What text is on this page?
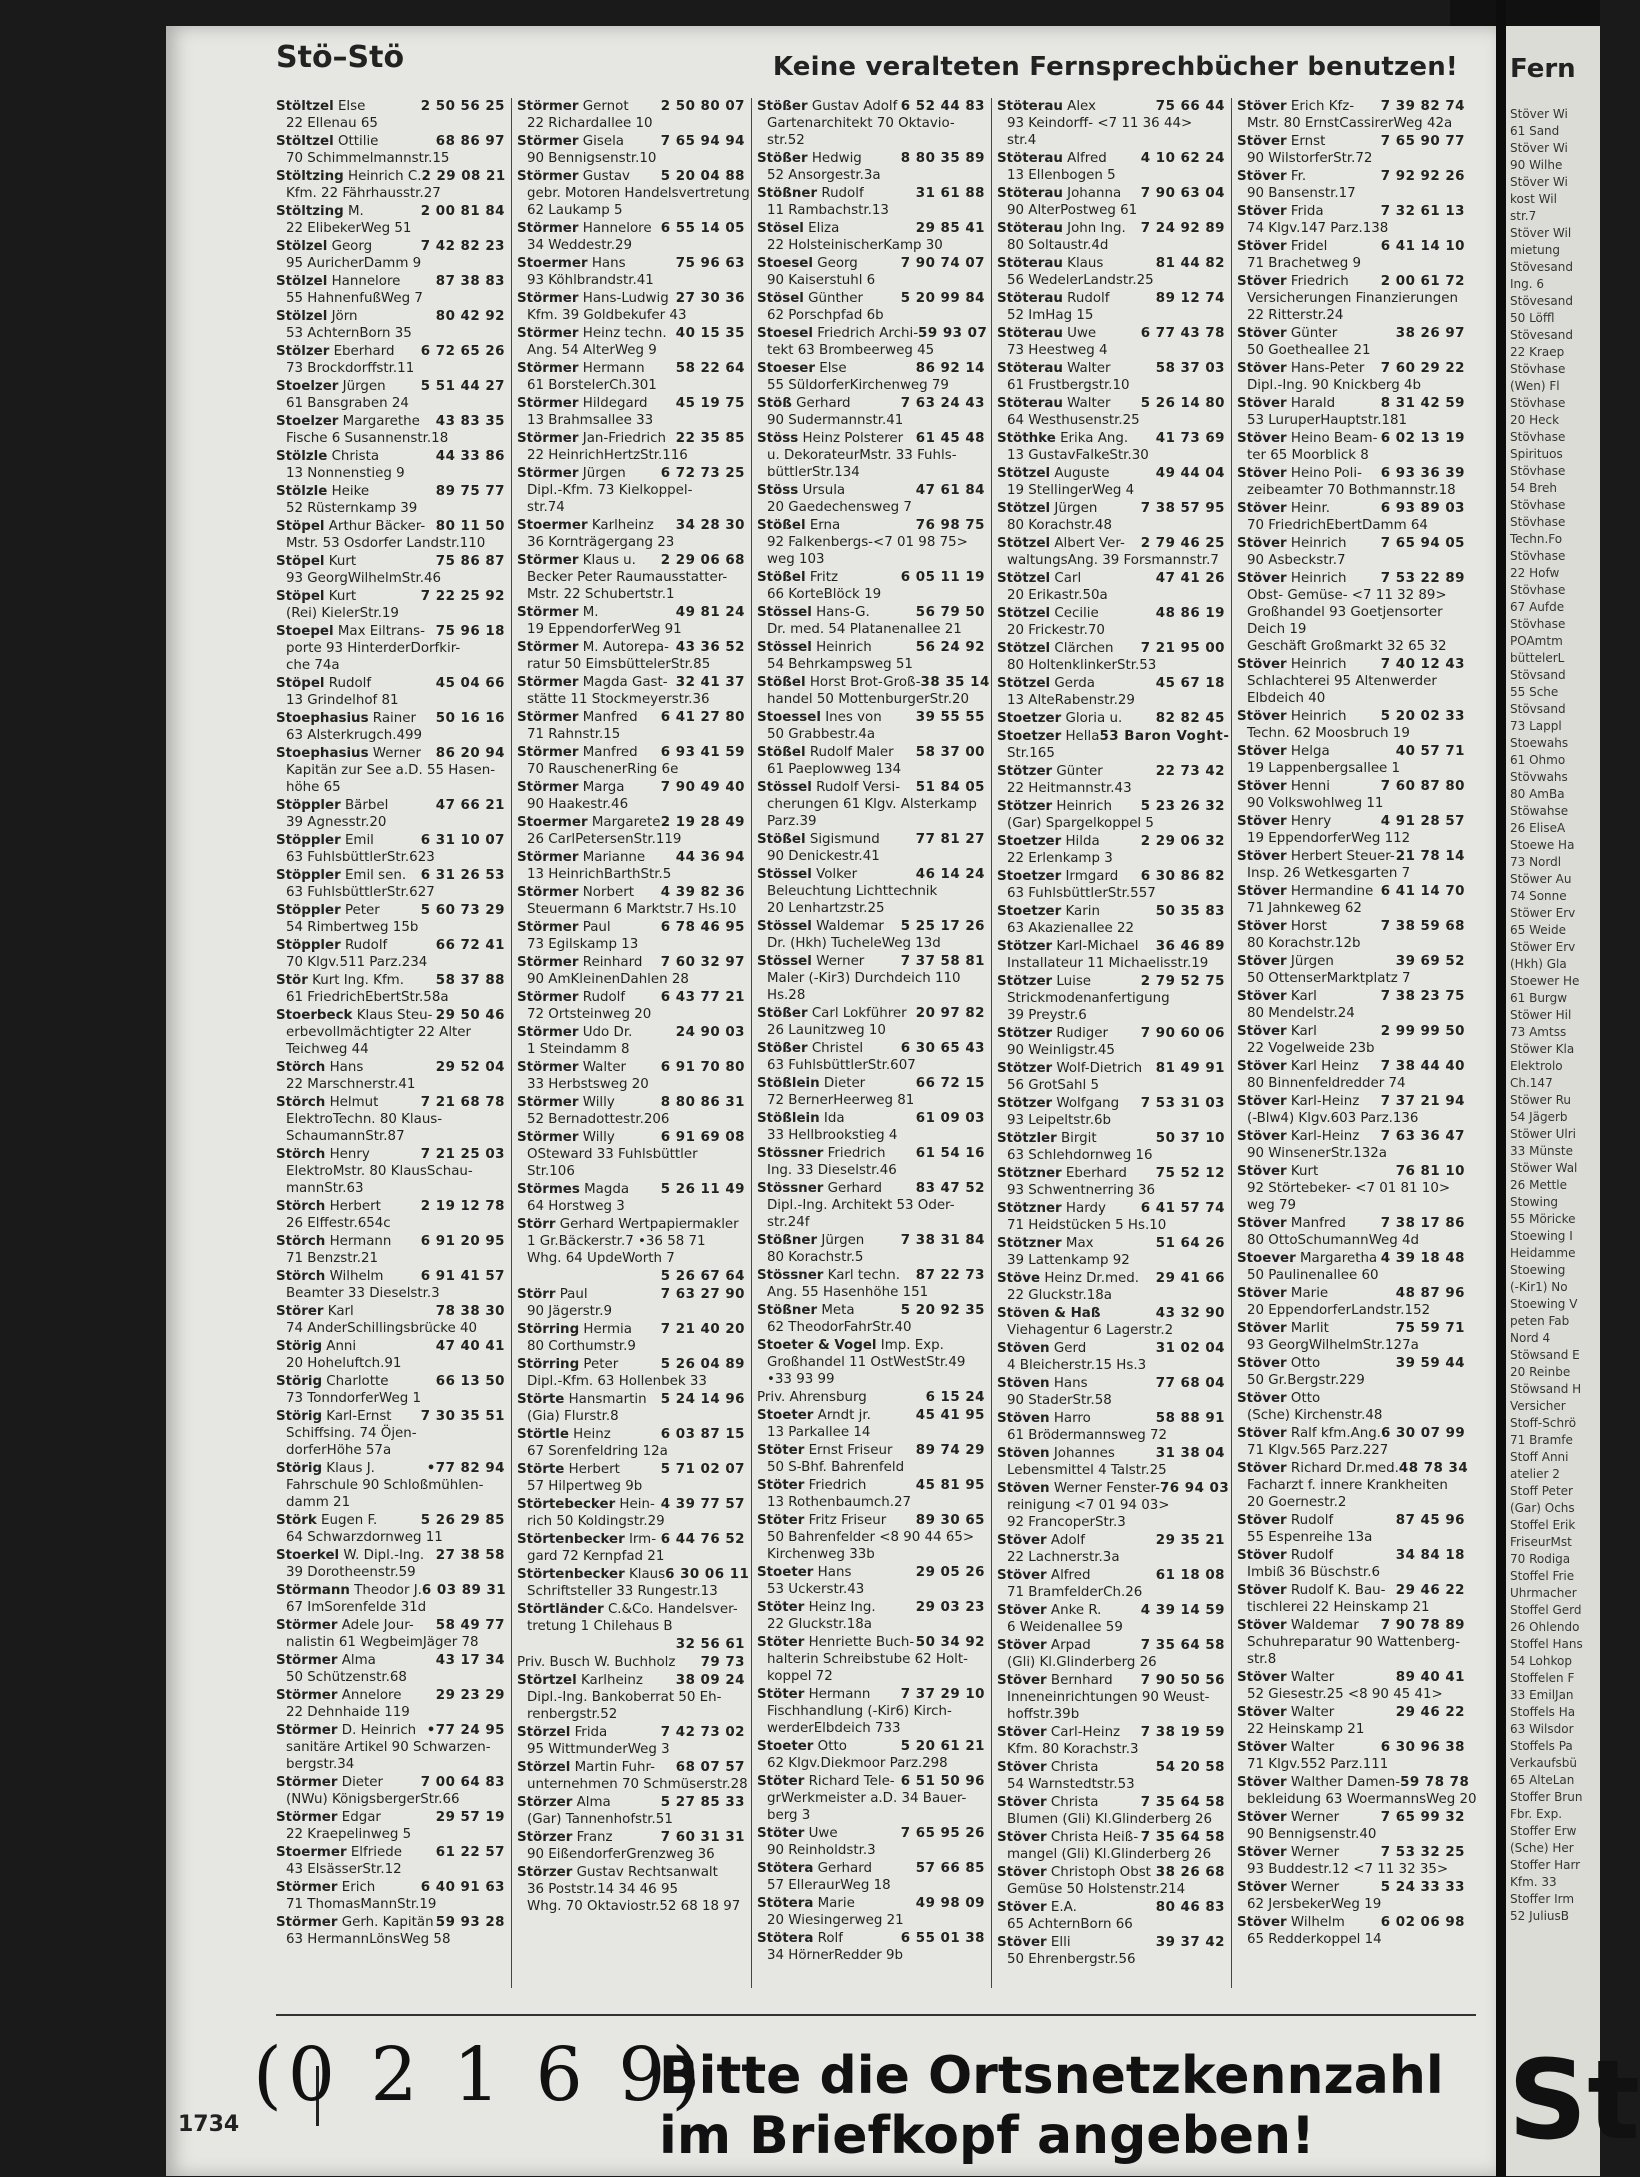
Stö–Stö	Keine veralteten Fernsprechbücher benutzen!
Stöltzel Else	2 50 56 25
22 Ellenau 65
Stöltzel Ottilie	68 86 97
70 Schimmelmannstr.15
Stöltzing Heinrich C. 2 29 08 21
Kfm. 22 Fährhausstr.27
Stöltzing M.	2 00 81 84
22 ElibekerWeg 51
Stölzel Georg	7 42 82 23
95 AuricherDamm 9
Stölzel Hannelore	87 38 83
55 HahnenfußWeg 7
Stölzel Jörn	80 42 92
53 AchternBorn 35
Stölzer Eberhard 6 72 65 26
73 Brockdorffstr.11
Stoelzer Jürgen	5 51 44 27
61 Bansgraben 24
Stoelzer Margarethe 43 83 35
Fische 6 Susannenstr.18
Stölzle Christa	44 33 86
13 Nonnenstieg 9
Stölzle Heike	89 75 77
52 Rüsternkamp 39
Stöpel Arthur Bäcker- 80 11 50
Mstr. 53 Osdorfer Landstr.110
Stöpel Kurt	75 86 87
93 GeorgWilhelmStr.46
Stöpel Kurt	7 22 25 92
(Rei) KielerStr.19
Stoepel Max Eiltrans- 75 96 18
porte 93 HinterderDorfkir-
che 74a
Stöpel Rudolf	45 04 66
13 Grindelhof 81
Stoephasius Rainer 50 16 16
63 Alsterkrugch.499
Stoephasius Werner 86 20 94
Kapitän zur See a.D. 55 Hasen-
höhe 65
Stöppler Bärbel	47 66 21
39 Agnesstr.20
Stöppler Emil	6 31 10 07
63 FuhlsbüttlerStr.623
Stöppler Emil sen. 6 31 26 53
63 FuhlsbüttlerStr.627
Stöppler Peter	5 60 73 29
54 Rimbertweg 15b
Stöppler Rudolf	66 72 41
70 Klgv.511 Parz.234
Stör Kurt Ing. Kfm. 58 37 88
61 FriedrichEbertStr.58a
Stoerbeck Klaus Steu- 29 50 46
erbevollmächtigter 22 Alter
Teichweg 44
Störch Hans	29 52 04
22 Marschnerstr.41
Störch Helmut	7 21 68 78
ElektroTechn. 80 Klaus-
SchaumannStr.87
Störch Henry	7 21 25 03
ElektroMstr. 80 KlausSchau-
mannStr.63
Störch Herbert	2 19 12 78
26 Elffestr.654c
Störch Hermann 6 91 20 95
71 Benzstr.21
Störch Wilhelm	6 91 41 57
Beamter 33 Dieselstr.3
Störer Karl	78 38 30
74 AnderSchillingsbrücke 40
Störig Anni	47 40 41
20 Hoheluftch.91
Störig Charlotte	66 13 50
73 TonndorferWeg 1
Störig Karl-Ernst 7 30 35 51
Schiffsing. 74 Öjen-
dorferHöhe 57a
Störig Klaus J.	•77 82 94
Fahrschule 90 Schloßmühlen-
damm 21
Störk Eugen F.	5 26 29 85
64 Schwarzdornweg 11
Stoerkel W. Dipl.-Ing. 27 38 58
39 Dorotheenstr.59
Störmann Theodor J. 6 03 89 31
67 ImSorenfelde 31d
Störmer Adele Jour- 58 49 77
nalistin 61 WegbeimJäger 78
Störmer Alma	43 17 34
50 Schützenstr.68
Störmer Annelore	29 23 29
22 Dehnhaide 119
Störmer D. Heinrich •77 24 95
sanitäre Artikel 90 Schwarzen-
bergstr.34
Störmer Dieter	7 00 64 83
(NWu) KönigsbergerStr.66
Störmer Edgar	29 57 19
22 Kraepelinweg 5
Stoermer Elfriede	61 22 57
43 ElsässerStr.12
Störmer Erich	6 40 91 63
71 ThomasMannStr.19
Störmer Gerh. Kapitän 59 93 28
63 HermannLönsWeg 58
Störmer Gernot 2 50 80 07
22 Richardallee 10
Störmer Gisela	7 65 94 94
90 Bennigsenstr.10
Störmer Gustav 5 20 04 88
gebr. Motoren Handelsvertretung
62 Laukamp 5
Störmer Hannelore 6 55 14 05
34 Weddestr.29
Stoermer Hans	75 96 63
93 Köhlbrandstr.41
Störmer Hans-Ludwig 27 30 36
Kfm. 39 Goldbekufer 43
Störmer Heinz techn. 40 15 35
Ang. 54 AlterWeg 9
Störmer Hermann 58 22 64
61 BorstelerCh.301
Störmer Hildegard 45 19 75
13 Brahmsallee 33
Störmer Jan-Friedrich 22 35 85
22 HeinrichHertzStr.116
Störmer Jürgen	6 72 73 25
Dipl.-Kfm. 73 Kielkoppel-
str.74
Stoermer Karlheinz 34 28 30
36 Kornträgergang 23
Störmer Klaus u. 2 29 06 68
Becker Peter Raumausstatter-
Mstr. 22 Schubertstr.1
Störmer M.	49 81 24
19 EppendorferWeg 91
Störmer M. Autorepa- 43 36 52
ratur 50 EimsbüttelerStr.85
Störmer Magda Gast- 32 41 37
stätte 11 Stockmeyerstr.36
Störmer Manfred 6 41 27 80
71 Rahnstr.15
Störmer Manfred 6 93 41 59
70 RauschenerRing 6e
Störmer Marga	7 90 49 40
90 Haakestr.46
Stoermer Margarete 2 19 28 49
26 CarlPetersenStr.119
Störmer Marianne 44 36 94
13 HeinrichBarthStr.5
Störmer Norbert 4 39 82 36
Steuermann 6 Marktstr.7 Hs.10
Störmer Paul	6 78 46 95
73 Egilskamp 13
Störmer Reinhard 7 60 32 97
90 AmKleinenDahlen 28
Störmer Rudolf	6 43 77 21
72 Ortsteinweg 20
Störmer Udo Dr.	24 90 03
1 Steindamm 8
Störmer Walter	6 91 70 80
33 Herbstsweg 20
Störmer Willy	8 80 86 31
52 Bernadottestr.206
Störmer Willy	6 91 69 08
OSteward 33 Fuhlsbüttler
Str.106
Störmes Magda 5 26 11 49
64 Horstweg 3
Störr Gerhard Wertpapiermakler
1 Gr.Bäckerstr.7 •36 58 71
Whg. 64 UpdeWorth 7
5 26 67 64
Störr Paul	7 63 27 90
90 Jägerstr.9
Störring Hermia 7 21 40 20
80 Corthumstr.9
Störring Peter	5 26 04 89
Dipl.-Kfm. 63 Hollenbek 33
Störte Hansmartin 5 24 14 96
(Gia) Flurstr.8
Störtle Heinz	6 03 87 15
67 Sorenfeldring 12a
Störte Herbert	5 71 02 07
57 Hilpertweg 9b
Störtebecker Hein- 4 39 77 57
rich 50 Koldingstr.29
Störtenbecker Irm- 6 44 76 52
gard 72 Kernpfad 21
Störtenbecker Klaus 6 30 06 11
Schriftsteller 33 Rungestr.13
Störtländer C.&Co. Handelsver-
tretung 1 Chilehaus B
32 56 61
Priv. Busch W. Buchholz 79 73
Störtzel Karlheinz 38 09 24
Dipl.-Ing. Bankoberrat 50 Eh-
renbergstr.52
Störzel Frida	7 42 73 02
95 WittmunderWeg 3
Störzel Martin Fuhr- 68 07 57
unternehmen 70 Schmüserstr.28
Störzer Alma	5 27 85 33
(Gar) Tannenhofstr.51
Störzer Franz	7 60 31 31
90 EißendorferGrenzweg 36
Störzer Gustav Rechtsanwalt
36 Poststr.14 34 46 95
Whg. 70 Oktaviostr.52 68 18 97
Stößer Gustav Adolf 6 52 44 83
Gartenarchitekt 70 Oktavio-
str.52
Stößer Hedwig	8 80 35 89
52 Ansorgestr.3a
Stößner Rudolf	31 61 88
11 Rambachstr.13
Stösel Eliza	29 85 41
22 HolsteinischerKamp 30
Stoesel Georg	7 90 74 07
90 Kaiserstuhl 6
Stösel Günther	5 20 99 84
62 Porschpfad 6b
Stoesel Friedrich Archi- 59 93 07
tekt 63 Brombeerweg 45
Stoeser Else	86 92 14
55 SüldorferKirchenweg 79
Stöß Gerhard	7 63 24 43
90 Sudermannstr.41
Stöss Heinz Polsterer 61 45 48
u. DekorateurMstr. 33 Fuhls-
büttlerStr.134
Stöss Ursula	47 61 84
20 Gaedechensweg 7
Stößel Erna	76 98 75
92 Falkenbergs-<7 01 98 75>
weg 103
Stößel Fritz	6 05 11 19
66 KorteBlöck 19
Stössel Hans-G.	56 79 50
Dr. med. 54 Platanenallee 21
Stössel Heinrich	56 24 92
54 Behrkampsweg 51
Stößel Horst Brot-Groß- 38 35 14
handel 50 MottenburgerStr.20
Stoessel Ines von	39 55 55
50 Grabbestr.4a
Stößel Rudolf Maler 58 37 00
61 Paeplowweg 134
Stössel Rudolf Versi- 51 84 05
cherungen 61 Klgv. Alsterkamp
Parz.39
Stößel Sigismund	77 81 27
90 Denickestr.41
Stössel Volker	46 14 24
Beleuchtung Lichttechnik
20 Lenhartzstr.25
Stössel Waldemar 5 25 17 26
Dr. (Hkh) TucheleWeg 13d
Stössel Werner	7 37 58 81
Maler (-Kir3) Durchdeich 110
Hs.28
Stößer Carl Lokführer 20 97 82
26 Launitzweg 10
Stößer Christel	6 30 65 43
63 FuhlsbüttlerStr.607
Stößlein Dieter	66 72 15
72 BernerHeerweg 81
Stößlein Ida	61 09 03
33 Hellbrookstieg 4
Stössner Friedrich 61 54 16
Ing. 33 Dieselstr.46
Stössner Gerhard	83 47 52
Dipl.-Ing. Architekt 53 Oder-
str.24f
Stößner Jürgen	7 38 31 84
80 Korachstr.5
Stössner Karl techn. 87 22 73
Ang. 55 Hasenhöhe 151
Stößner Meta	5 20 92 35
62 TheodorFahrStr.40
Stoeter & Vogel Imp. Exp.
Großhandel 11 OstWestStr.49
•33 93 99
Priv. Ahrensburg	6 15 24
Stoeter Arndt jr.	45 41 95
13 Parkallee 14
Stöter Ernst Friseur 89 74 29
50 S-Bhf. Bahrenfeld
Stöter Friedrich	45 81 95
13 Rothenbaumch.27
Stöter Fritz Friseur 89 30 65
50 Bahrenfelder <8 90 44 65>
Kirchenweg 33b
Stoeter Hans	29 05 26
53 Uckerstr.43
Stöter Heinz Ing.	29 03 23
22 Gluckstr.18a
Stöter Henriette Buch- 50 34 92
halterin Schreibstube 62 Holt-
koppel 72
Stöter Hermann 7 37 29 10
Fischhandlung (-Kir6) Kirch-
werderElbdeich 733
Stoeter Otto	5 20 61 21
62 Klgv.Diekmoor Parz.298
Stöter Richard Tele- 6 51 50 96
grWerkmeister a.D. 34 Bauer-
berg 3
Stöter Uwe	7 65 95 26
90 Reinholdstr.3
Stötera Gerhard	57 66 85
57 ElleraurWeg 18
Stötera Marie	49 98 09
20 Wiesingerweg 21
Stötera Rolf	6 55 01 38
34 HörnerRedder 9b
Stöterau Alex	75 66 44
93 Keindorff- <7 11 36 44>
str.4
Stöterau Alfred	4 10 62 24
13 Ellenbogen 5
Stöterau Johanna 7 90 63 04
90 AlterPostweg 61
Stöterau John Ing. 7 24 92 89
80 Soltaustr.4d
Stöterau Klaus	81 44 82
56 WedelerLandstr.25
Stöterau Rudolf	89 12 74
52 ImHag 15
Stöterau Uwe	6 77 43 78
73 Heestweg 4
Stöterau Walter	58 37 03
61 Frustbergstr.10
Stöterau Walter 5 26 14 80
64 Westhusenstr.25
Stöthke Erika Ang. 41 73 69
13 GustavFalkeStr.30
Stötzel Auguste	49 44 04
19 StellingerWeg 4
Stötzel Jürgen	7 38 57 95
80 Korachstr.48
Stötzel Albert Ver- 2 79 46 25
waltungsAng. 39 Forsmannstr.7
Stötzel Carl	47 41 26
20 Erikastr.50a
Stötzel Cecilie	48 86 19
20 Frickestr.70
Stötzel Clärchen 7 21 95 00
80 HoltenklinkerStr.53
Stötzel Gerda	45 67 18
13 AlteRabenstr.29
Stoetzer Gloria u.	82 82 45
Stoetzer Hella 53 Baron Voght-
Str.165
Stötzer Günter	22 73 42
22 Heitmannstr.43
Stötzer Heinrich 5 23 26 32
(Gar) Spargelkoppel 5
Stoetzer Hilda	2 29 06 32
22 Erlenkamp 3
Stoetzer Irmgard 6 30 86 82
63 FuhlsbüttlerStr.557
Stoetzer Karin	50 35 83
63 Akazienallee 22
Stötzer Karl-Michael 36 46 89
Installateur 11 Michaelisstr.19
Stötzer Luise	2 79 52 75
Strickmodenanfertigung
39 Preystr.6
Stötzer Rudiger 7 90 60 06
90 Weinligstr.45
Stötzer Wolf-Dietrich 81 49 91
56 GrotSahl 5
Stötzer Wolfgang 7 53 31 03
93 Leipeltstr.6b
Stötzler Birgit	50 37 10
63 Schlehdornweg 16
Stötzner Eberhard 75 52 12
93 Schwentnerring 36
Stötzner Hardy	6 41 57 74
71 Heidstücken 5 Hs.10
Stötzner Max	51 64 26
39 Lattenkamp 92
Stöve Heinz Dr.med. 29 41 66
22 Gluckstr.18a
Stöven & Haß	43 32 90
Viehagentur 6 Lagerstr.2
Stöven Gerd	31 02 04
4 Bleicherstr.15 Hs.3
Stöven Hans	77 68 04
90 StaderStr.58
Stöven Harro	58 88 91
61 Brödermannsweg 72
Stöven Johannes	31 38 04
Lebensmittel 4 Talstr.25
Stöven Werner Fenster- 76 94 03
reinigung <7 01 94 03>
92 FrancoperStr.3
Stöver Adolf	29 35 21
22 Lachnerstr.3a
Stöver Alfred	61 18 08
71 BramfelderCh.26
Stöver Anke R.	4 39 14 59
6 Weidenallee 59
Stöver Arpad	7 35 64 58
(Gli) Kl.Glinderberg 26
Stöver Bernhard 7 90 50 56
Inneneinrichtungen 90 Weust-
hoffstr.39b
Stöver Carl-Heinz 7 38 19 59
Kfm. 80 Korachstr.3
Stöver Christa	54 20 58
54 Warnstedtstr.53
Stöver Christa	7 35 64 58
Blumen (Gli) Kl.Glinderberg 26
Stöver Christa Heiß- 7 35 64 58
mangel (Gli) Kl.Glinderberg 26
Stöver Christoph Obst 38 26 68
Gemüse 50 Holstenstr.214
Stöver E.A.	80 46 83
65 AchternBorn 66
Stöver Elli	39 37 42
50 Ehrenbergstr.56
Stöver Erich Kfz- 7 39 82 74
Mstr. 80 ErnstCassirerWeg 42a
Stöver Ernst	7 65 90 77
90 WilstorferStr.72
Stöver Fr.	7 92 92 26
90 Bansenstr.17
Stöver Frida	7 32 61 13
74 Klgv.147 Parz.138
Stöver Fridel	6 41 14 10
71 Brachetweg 9
Stöver Friedrich 2 00 61 72
Versicherungen Finanzierungen
22 Ritterstr.24
Stöver Günter	38 26 97
50 Goetheallee 21
Stöver Hans-Peter 7 60 29 22
Dipl.-Ing. 90 Knickberg 4b
Stöver Harald	8 31 42 59
53 LuruperHauptstr.181
Stöver Heino Beam- 6 02 13 19
ter 65 Moorblick 8
Stöver Heino Poli- 6 93 36 39
zeibeamter 70 Bothmannstr.18
Stöver Heinr.	6 93 89 03
70 FriedrichEbertDamm 64
Stöver Heinrich	7 65 94 05
90 Asbeckstr.7
Stöver Heinrich	7 53 22 89
Obst- Gemüse- <7 11 32 89>
Großhandel 93 Goetjensorter
Deich 19
Geschäft Großmarkt 32 65 32
Stöver Heinrich	7 40 12 43
Schlachterei 95 Altenwerder
Elbdeich 40
Stöver Heinrich	5 20 02 33
Techn. 62 Moosbruch 19
Stöver Helga	40 57 71
19 Lappenbergsallee 1
Stöver Henni	7 60 87 80
90 Volkswohlweg 11
Stöver Henry	4 91 28 57
19 EppendorferWeg 112
Stöver Herbert Steuer- 21 78 14
Insp. 26 Wetkesgarten 7
Stöver Hermandine 6 41 14 70
71 Jahnkeweg 62
Stöver Horst	7 38 59 68
80 Korachstr.12b
Stöver Jürgen	39 69 52
50 OttenserMarktplatz 7
Stöver Karl	7 38 23 75
80 Mendelstr.24
Stöver Karl	2 99 99 50
22 Vogelweide 23b
Stöver Karl Heinz 7 38 44 40
80 Binnenfeldredder 74
Stöver Karl-Heinz 7 37 21 94
(-Blw4) Klgv.603 Parz.136
Stöver Karl-Heinz 7 63 36 47
90 WinsenerStr.132a
Stöver Kurt	76 81 10
92 Störtebeker- <7 01 81 10>
weg 79
Stöver Manfred	7 38 17 86
80 OttoSchumannWeg 4d
Stoever Margaretha 4 39 18 48
50 Paulinenallee 60
Stöver Marie	48 87 96
20 EppendorferLandstr.152
Stöver Marlit	75 59 71
93 GeorgWilhelmStr.127a
Stöver Otto	39 59 44
50 Gr.Bergstr.229
Stöver Otto
(Sche) Kirchenstr.48
Stöver Ralf kfm.Ang. 6 30 07 99
71 Klgv.565 Parz.227
Stöver Richard Dr.med. 48 78 34
Facharzt f. innere Krankheiten
20 Goernestr.2
Stöver Rudolf	87 45 96
55 Espenreihe 13a
Stöver Rudolf	34 84 18
Imbiß 36 Büschstr.6
Stöver Rudolf K. Bau- 29 46 22
tischlerei 22 Heinskamp 21
Stöver Waldemar 7 90 78 89
Schuhreparatur 90 Wattenberg-
str.8
Stöver Walter	89 40 41
52 Giesestr.25 <8 90 45 41>
Stöver Walter	29 46 22
22 Heinskamp 21
Stöver Walter	6 30 96 38
71 Klgv.552 Parz.111
Stöver Walther Damen- 59 78 78
bekleidung 63 WoermannsWeg 20
Stöver Werner	7 65 99 32
90 Bennigsenstr.40
Stöver Werner	7 53 32 25
93 Buddestr.12 <7 11 32 35>
Stöver Werner	5 24 33 33
62 JersbekerWeg 19
Stöver Wilhelm	6 02 06 98
65 Redderkoppel 14
1734
(0 2 1 6 9)
Bitte die Ortsnetzkennzahl
im Briefkopf angeben!
Fern
Stöver Wi
61 Sand
Stöver Wi
90 Wilhe
Stöver Wi
kost Wil
str.7
Stöver Wil
mietung
Stövesand
Ing. 6
Stövesand
50 Löffl
Stövesand
22 Kraep
Stövhase
(Wen) Fl
Stövhase
20 Heck
Stövhase
Spirituos
Stövhase
54 Breh
Stövhase
Stövhase
Techn.Fo
Stövhase
22 Hofw
Stövhase
67 Aufde
Stövhase
POAmtm
büttelerL
Stövsand
55 Sche
Stövsand
73 Lappl
Stoewahs
61 Ohmo
Stövwahs
80 AmBa
Stöwahse
26 EliseA
Stoewe Ha
73 Nordl
Stöwer Au
74 Sonne
Stöwer Erv
65 Weide
Stöwer Erv
(Hkh) Gla
Stoewer He
61 Burgw
Stöwer Hil
73 Amtss
Stöwer Kla
Elektrolo
Ch.147
Stöwer Ru
54 Jägerb
Stöwer Ulri
33 Münste
Stöwer Wal
26 Mettle
Stowing
55 Möricke
Stoewing I
Heidamme
Stoewing
(-Kir1) No
Stoewing V
peten Fab
Nord 4
Stöwsand E
20 Reinbe
Stöwsand H
Versicher
Stoff-Schrö
71 Bramfe
Stoff Anni
atelier 2
Stoff Peter
(Gar) Ochs
Stoffel Erik
FriseurMst
70 Rodiga
Stoffel Frie
Uhrmacher
Stoffel Gerd
26 Ohlendo
Stoffel Hans
54 Lohkop
Stoffelen F
33 EmilJan
Stoffels Ha
63 Wilsdor
Stoffels Pa
Verkaufsbü
65 AlteLan
Stoffer Brun
Fbr. Exp.
Stoffer Erw
(Sche) Her
Stoffer Harr
Kfm. 33
Stoffer Irm
52 JuliusB
St
